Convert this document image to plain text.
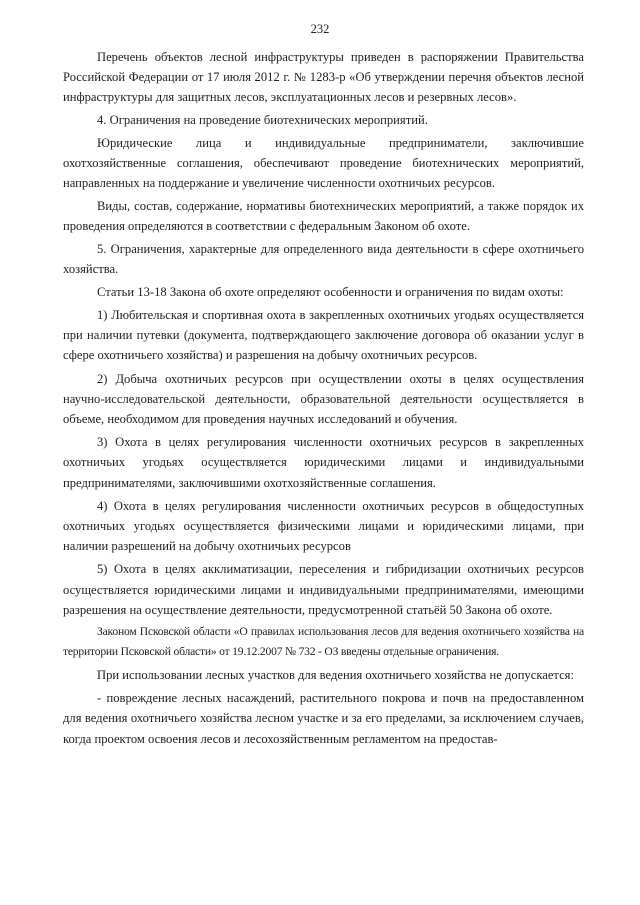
232

Перечень объектов лесной инфраструктуры приведен в распоряжении Правительства Российской Федерации от 17 июля 2012 г. № 1283-р «Об утверждении перечня объектов лесной инфраструктуры для защитных лесов, эксплуатационных лесов и резервных лесов».

4. Ограничения на проведение биотехнических мероприятий.

Юридические лица и индивидуальные предприниматели, заключившие охотхозяйственные соглашения, обеспечивают проведение биотехнических мероприятий, направленных на поддержание и увеличение численности охотничьих ресурсов.

Виды, состав, содержание, нормативы биотехнических мероприятий, а также порядок их проведения определяются в соответствии с федеральным Законом об охоте.

5. Ограничения, характерные для определенного вида деятельности в сфере охотничьего хозяйства.

Статьи 13-18 Закона об охоте определяют особенности и ограничения по видам охоты:

1) Любительская и спортивная охота в закрепленных охотничьих угодьях осуществляется при наличии путевки (документа, подтверждающего заключение договора об оказании услуг в сфере охотничьего хозяйства) и разрешения на добычу охотничьих ресурсов.

2) Добыча охотничьих ресурсов при осуществлении охоты в целях осуществления научно-исследовательской деятельности, образовательной деятельности осуществляется в объеме, необходимом для проведения научных исследований и обучения.

3) Охота в целях регулирования численности охотничьих ресурсов в закрепленных охотничьих угодьях осуществляется юридическими лицами и индивидуальными предпринимателями, заключившими охотхозяйственные соглашения.

4) Охота в целях регулирования численности охотничьих ресурсов в общедоступных охотничьих угодьях осуществляется физическими лицами и юридическими лицами, при наличии разрешений на добычу охотничьих ресурсов

5) Охота в целях акклиматизации, переселения и гибридизации охотничьих ресурсов осуществляется юридическими лицами и индивидуальными предпринимателями, имеющими разрешения на осуществление деятельности, предусмотренной статьёй 50 Закона об охоте.

Законом Псковской области «О правилах использования лесов для ведения охотничьего хозяйства на территории Псковской области» от 19.12.2007 № 732 - ОЗ введены отдельные ограничения.

При использовании лесных участков для ведения охотничьего хозяйства не допускается:

- повреждение лесных насаждений, растительного покрова и почв на предоставленном для ведения охотничьего хозяйства лесном участке и за его пределами, за исключением случаев, когда проектом освоения лесов и лесохозяйственным регламентом на предостав-
